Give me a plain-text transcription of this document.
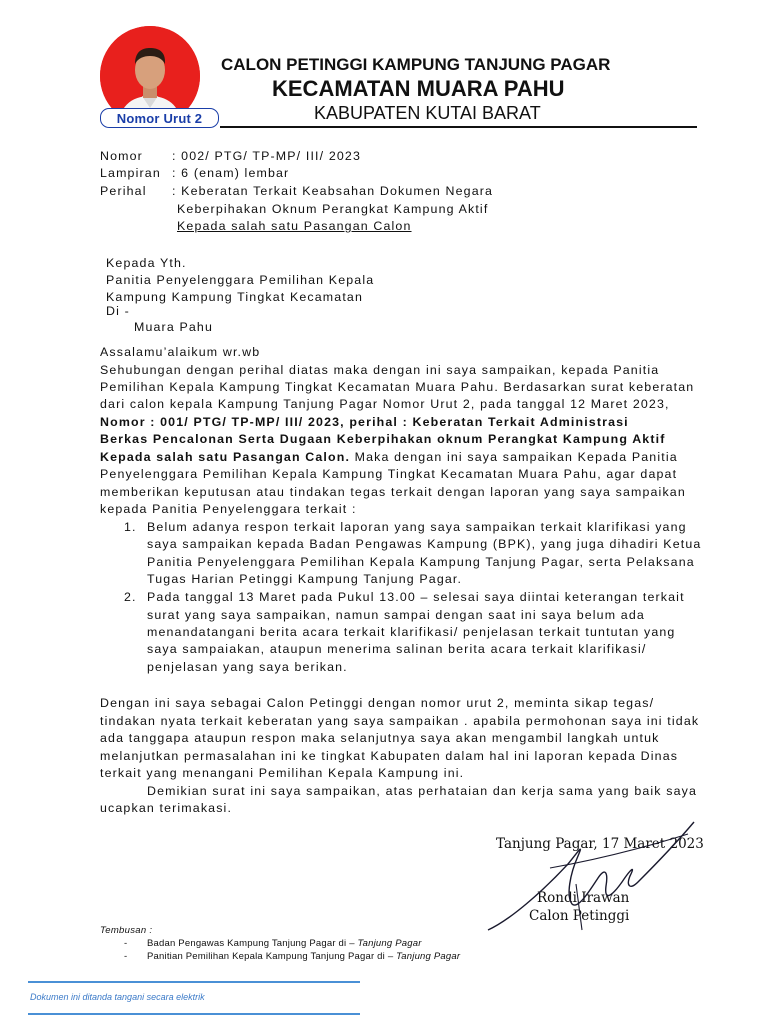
Nomor Urut 2
CALON PETINGGI KAMPUNG TANJUNG PAGAR
KECAMATAN MUARA PAHU
KABUPATEN KUTAI BARAT
Nomor : 002/ PTG/ TP-MP/ III/ 2023
Lampiran : 6 (enam) lembar
Perihal : Keberatan Terkait Keabsahan Dokumen Negara
Keberpihakan Oknum Perangkat Kampung Aktif
Kepada salah satu Pasangan Calon
Kepada Yth.
Panitia Penyelenggara Pemilihan Kepala
Kampung Kampung Tingkat Kecamatan
Di -
Muara Pahu
Assalamu’alaikum wr.wb
Sehubungan dengan perihal diatas maka dengan ini saya sampaikan, kepada Panitia
Pemilihan Kepala Kampung Tingkat Kecamatan Muara Pahu. Berdasarkan surat keberatan
dari calon kepala Kampung Tanjung Pagar Nomor Urut 2, pada tanggal 12 Maret 2023,
Nomor : 001/ PTG/ TP-MP/ III/ 2023, perihal : Keberatan Terkait Administrasi
Berkas Pencalonan Serta Dugaan Keberpihakan oknum Perangkat Kampung Aktif
Kepada salah satu Pasangan Calon. Maka dengan ini saya sampaikan Kepada Panitia
Penyelenggara Pemilihan Kepala Kampung Tingkat Kecamatan Muara Pahu, agar dapat
memberikan keputusan atau tindakan tegas terkait dengan laporan yang saya sampaikan
kepada Panitia Penyelenggara terkait :
1. Belum adanya respon terkait laporan yang saya sampaikan terkait klarifikasi yang
saya sampaikan kepada Badan Pengawas Kampung (BPK), yang juga dihadiri Ketua
Panitia Penyelenggara Pemilihan Kepala Kampung Tanjung Pagar, serta Pelaksana
Tugas Harian Petinggi Kampung Tanjung Pagar.
2. Pada tanggal 13 Maret pada Pukul 13.00 – selesai saya diintai keterangan terkait
surat yang saya sampaikan, namun sampai dengan saat ini saya belum ada
menandatangani berita acara terkait klarifikasi/ penjelasan terkait tuntutan yang
saya sampaiakan, ataupun menerima salinan berita acara terkait klarifikasi/
penjelasan yang saya berikan.
Dengan ini saya sebagai Calon Petinggi dengan nomor urut 2, meminta sikap tegas/
tindakan nyata terkait keberatan yang saya sampaikan . apabila permohonan saya ini tidak
ada tanggapa ataupun respon maka selanjutnya saya akan mengambil langkah untuk
melanjutkan permasalahan ini ke tingkat Kabupaten dalam hal ini laporan kepada Dinas
terkait yang menangani Pemilihan Kepala Kampung ini.
Demikian surat ini saya sampaikan, atas perhataian dan kerja sama yang baik saya
ucapkan terimakasi.
Tanjung Pagar, 17 Maret 2023
Rondi Irawan
Calon Petinggi
Tembusan :
- Badan Pengawas Kampung Tanjung Pagar di – Tanjung Pagar
- Panitian Pemilihan Kepala Kampung Tanjung Pagar di – Tanjung Pagar
Dokumen ini ditanda tangani secara elektrik
